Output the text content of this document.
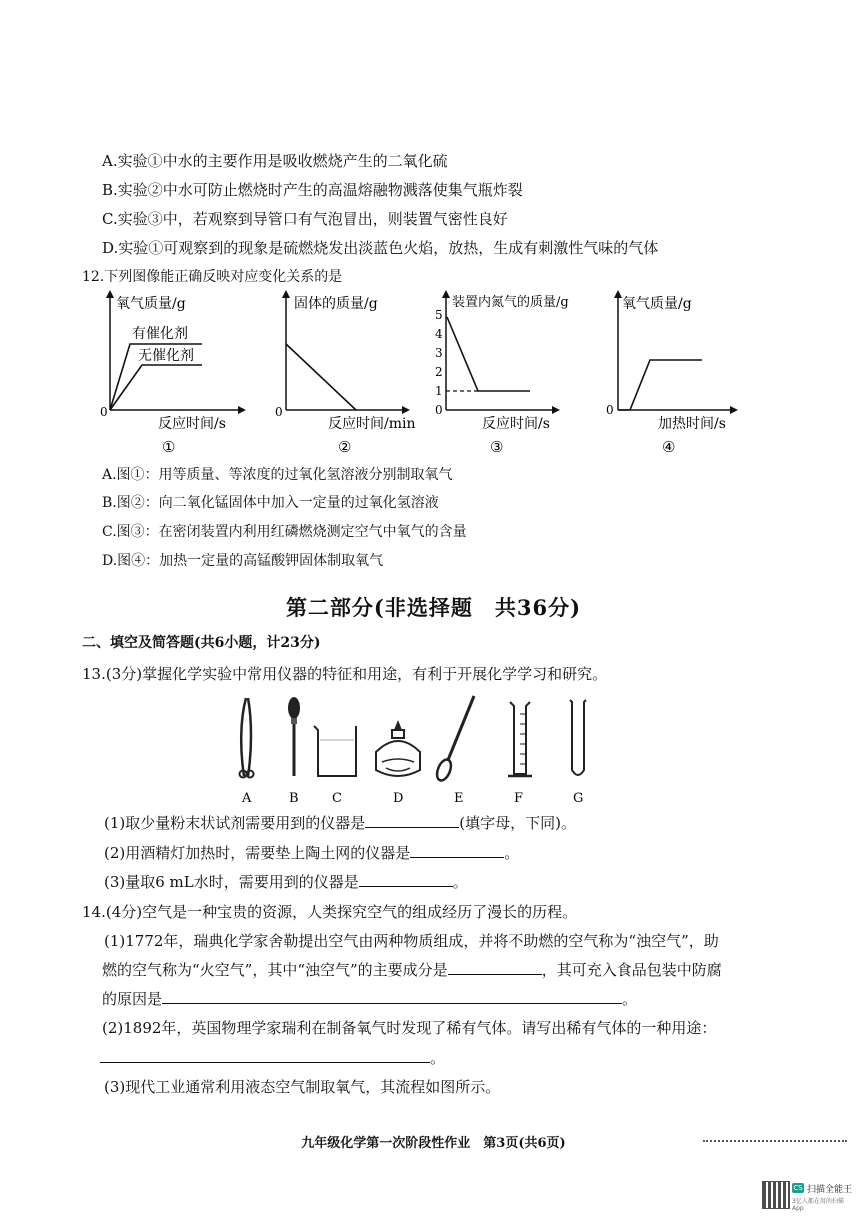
A.实验①中水的主要作用是吸收燃烧产生的二氧化硫
B.实验②中水可防止燃烧时产生的高温熔融物溅落使集气瓶炸裂
C.实验③中，若观察到导管口有气泡冒出，则装置气密性良好
D.实验①可观察到的现象是硫燃烧发出淡蓝色火焰，放热，生成有刺激性气味的气体
12.下列图像能正确反映对应变化关系的是
氧气质量/g
0
反应时间/s
①
有催化剂
无催化剂
固体的质量/g
0
反应时间/min
②
装置内氮气的质量/g
5
4
3
2
1
0
反应时间/s
③
氧气质量/g
0
加热时间/s
④
A.图①：用等质量、等浓度的过氧化氢溶液分别制取氧气
B.图②：向二氧化锰固体中加入一定量的过氧化氢溶液
C.图③：在密闭装置内利用红磷燃烧测定空气中氧气的含量
D.图④：加热一定量的高锰酸钾固体制取氧气
第二部分(非选择题　共36分)
二、填空及简答题(共6小题，计23分)
13.(3分)掌握化学实验中常用仪器的特征和用途，有利于开展化学学习和研究。
A	B	C	D	E	F	G
(1)取少量粉末状试剂需要用到的仪器是	(填字母，下同)。
(2)用酒精灯加热时，需要垫上陶土网的仪器是	。
(3)量取6 mL水时，需要用到的仪器是	。
14.(4分)空气是一种宝贵的资源，人类探究空气的组成经历了漫长的历程。
(1)1772年，瑞典化学家舍勒提出空气由两种物质组成，并将不助燃的空气称为“浊空气”，助
燃的空气称为“火空气”，其中“浊空气”的主要成分是	，其可充入食品包装中防腐
的原因是	。
(2)1892年，英国物理学家瑞利在制备氧气时发现了稀有气体。请写出稀有气体的一种用途：
。
(3)现代工业通常利用液态空气制取氧气，其流程如图所示。
九年级化学第一次阶段性作业　第3页(共6页)
CS 扫描全能王
3亿人都在用的扫描App
